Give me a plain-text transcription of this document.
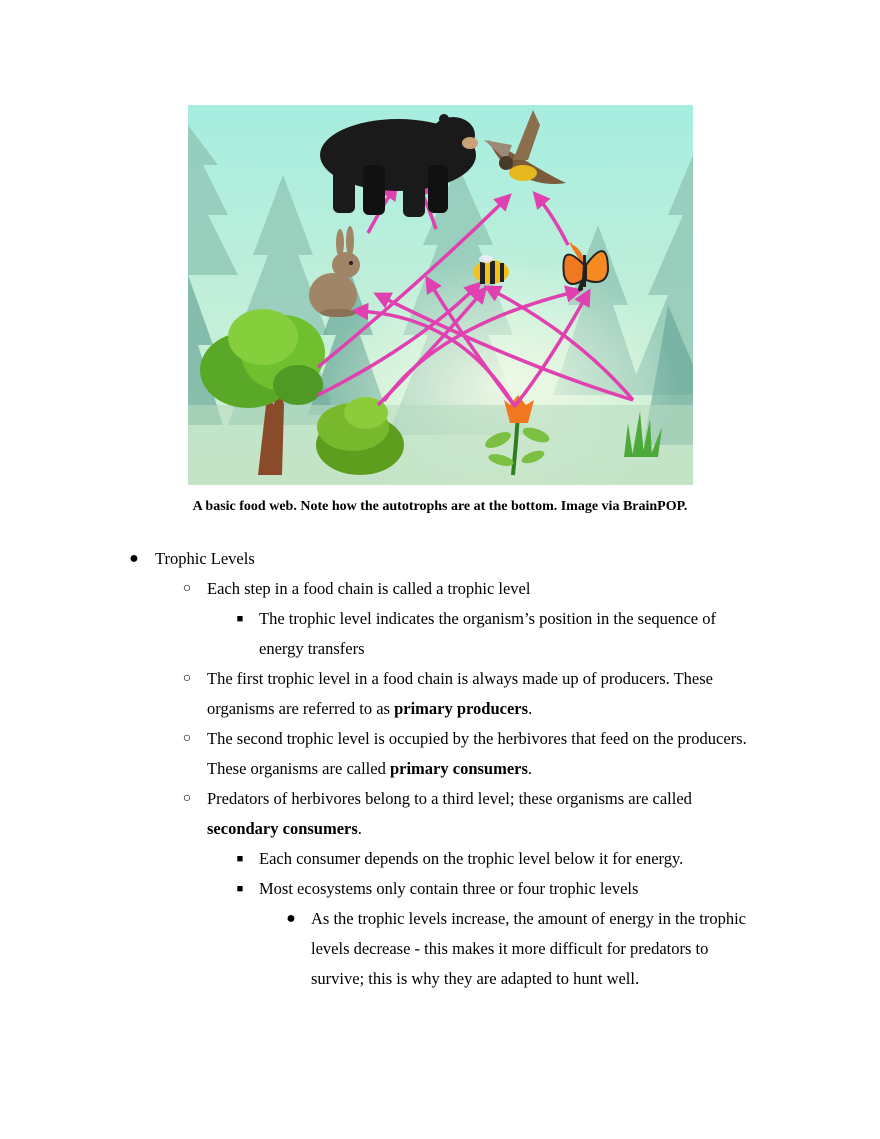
A basic food web. Note how the autotrophs are at the bottom. Image via BrainPOP.
● Trophic Levels
○ Each step in a food chain is called a trophic level
■ The trophic level indicates the organism’s position in the sequence of
energy transfers
○ The first trophic level in a food chain is always made up of producers. These
organisms are referred to as primary producers.
○ The second trophic level is occupied by the herbivores that feed on the producers.
These organisms are called primary consumers.
○ Predators of herbivores belong to a third level; these organisms are called
secondary consumers.
■ Each consumer depends on the trophic level below it for energy.
■ Most ecosystems only contain three or four trophic levels
● As the trophic levels increase, the amount of energy in the trophic
levels decrease - this makes it more difficult for predators to
survive; this is why they are adapted to hunt well.
